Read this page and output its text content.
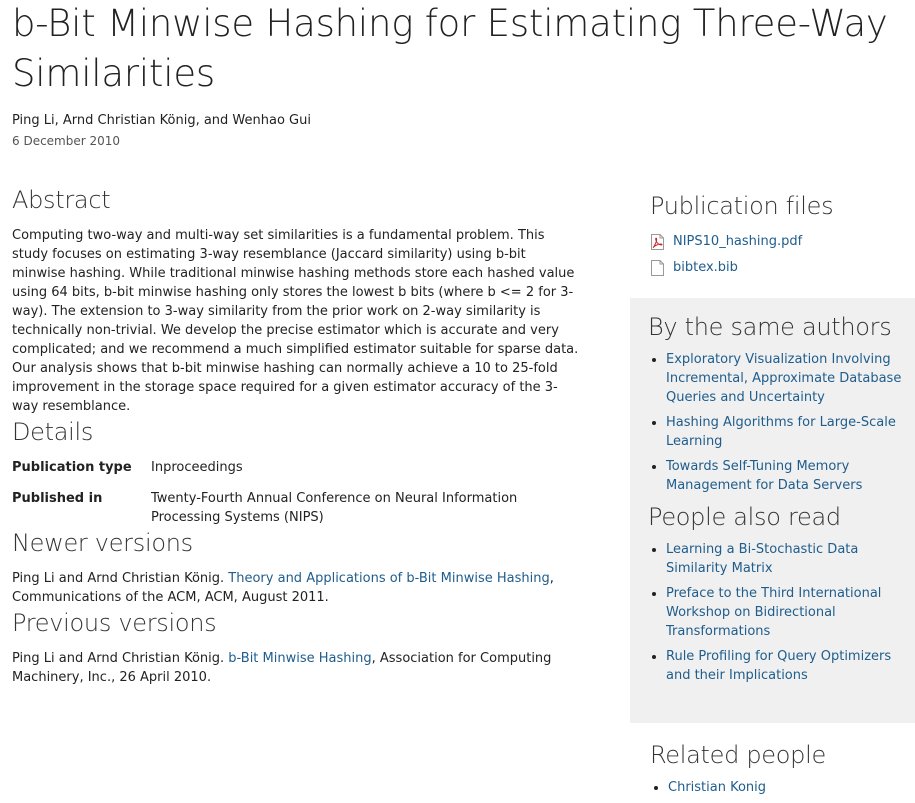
b-Bit Minwise Hashing for Estimating Three-Way Similarities
Ping Li, Arnd Christian König, and Wenhao Gui
6 December 2010
Abstract

Computing two-way and multi-way set similarities is a fundamental problem. This study focuses on estimating 3-way resemblance (Jaccard similarity) using b-bit minwise hashing. While traditional minwise hashing methods store each hashed value using 64 bits, b-bit minwise hashing only stores the lowest b bits (where b <= 2 for 3-way). The extension to 3-way similarity from the prior work on 2-way similarity is technically non-trivial. We develop the precise estimator which is accurate and very complicated; and we recommend a much simplified estimator suitable for sparse data. Our analysis shows that b-bit minwise hashing can normally achieve a 10 to 25-fold improvement in the storage space required for a given estimator accuracy of the 3-way resemblance.

Details
Publication type	Inproceedings

Published in	Twenty-Fourth Annual Conference on Neural Information Processing Systems (NIPS)
Newer versions

Ping Li and Arnd Christian König. Theory and Applications of b-Bit Minwise Hashing, Communications of the ACM, ACM, August 2011.

Previous versions

Ping Li and Arnd Christian König. b-Bit Minwise Hashing, Association for Computing Machinery, Inc., 26 April 2010.

Publication files
NIPS10_hashing.pdf
bibtex.bib
By the same authors
• Exploratory Visualization Involving Incremental, Approximate Database Queries and Uncertainty
• Hashing Algorithms for Large-Scale Learning
• Towards Self-Tuning Memory Management for Data Servers
People also read
• Learning a Bi-Stochastic Data Similarity Matrix
• Preface to the Third International Workshop on Bidirectional Transformations
• Rule Profiling for Query Optimizers and their Implications
Related people
• Christian Konig
